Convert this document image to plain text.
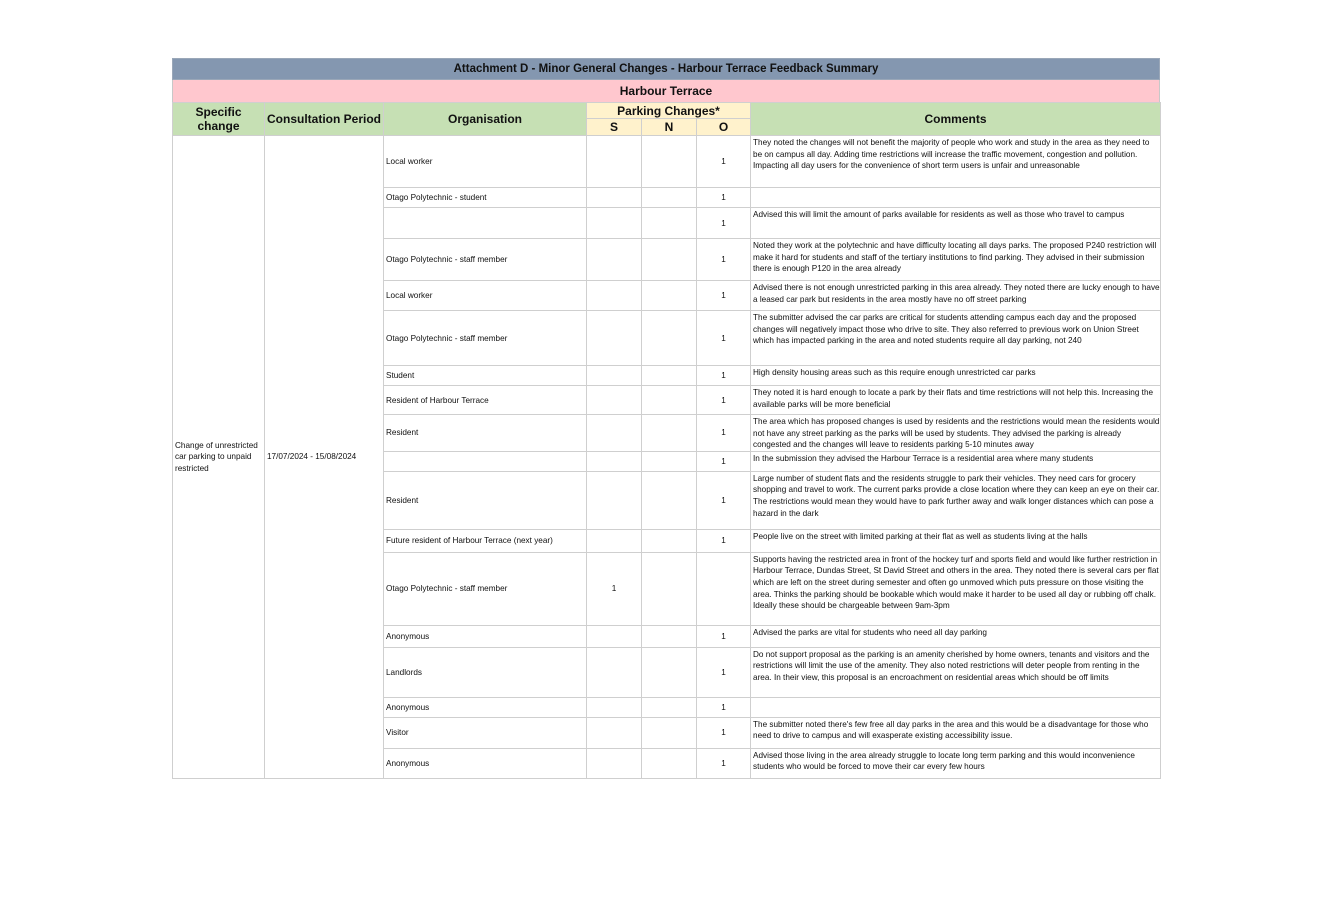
Attachment D - Minor General Changes - Harbour Terrace Feedback Summary
Harbour Terrace
Specific change	Consultation Period	Organisation	Parking Changes*			Comments
			S	N	O	
Change of unrestricted car parking to unpaid restricted	17/07/2024 - 15/08/2024	Local worker			1	They noted the changes will not benefit the majority of people who work and study in the area as they need to be on campus all day. Adding time restrictions will increase the traffic movement, congestion and pollution. Impacting all day users for the convenience of short term users is unfair and unreasonable
		Otago Polytechnic - student			1	
					1	Advised this will limit the amount of parks available for residents as well as those who travel to campus
		Otago Polytechnic - staff member			1	Noted they work at the polytechnic and have difficulty locating all days parks. The proposed P240 restriction will make it hard for students and staff of the tertiary institutions to find parking. They advised in their submission there is enough P120 in the area already
		Local worker			1	Advised there is not enough unrestricted parking in this area already. They noted there are lucky enough to have a leased car park but residents in the area mostly have no off street parking
		Otago Polytechnic - staff member			1	The submitter advised the car parks are critical for students attending campus each day and the proposed changes will negatively impact those who drive to site. They also referred to previous work on Union Street which has impacted parking in the area and noted students require all day parking, not 240
		Student			1	High density housing areas such as this require enough unrestricted car parks
		Resident of Harbour Terrace			1	They noted it is hard enough to locate a park by their flats and time restrictions will not help this. Increasing the available parks will be more beneficial
		Resident			1	The area which has proposed changes is used by residents and the restrictions would mean the residents would not have any street parking as the parks will be used by students. They advised the parking is already congested and the changes will leave to residents parking 5-10 minutes away
					1	In the submission they advised the Harbour Terrace is a residential area where many students
		Resident			1	Large number of student flats and the residents struggle to park their vehicles. They need cars for grocery shopping and travel to work. The current parks provide a close location where they can keep an eye on their car. The restrictions would mean they would have to park further away and walk longer distances which can pose a hazard in the dark
		Future resident of Harbour Terrace (next year)			1	People live on the street with limited parking at their flat as well as students living at the halls
		Otago Polytechnic - staff member	1			Supports having the restricted area in front of the hockey turf and sports field and would like further restriction in Harbour Terrace, Dundas Street, St David Street and others in the area. They noted there is several cars per flat which are left on the street during semester and often go unmoved which puts pressure on those visiting the area. Thinks the parking should be bookable which would make it harder to be used all day or rubbing off chalk. Ideally these should be chargeable between 9am-3pm
		Anonymous			1	Advised the parks are vital for students who need all day parking
		Landlords			1	Do not support proposal as the parking is an amenity cherished by home owners, tenants and visitors and the restrictions will limit the use of the amenity. They also noted restrictions will deter people from renting in the area. In their view, this proposal is an encroachment on residential areas which should be off limits
		Anonymous			1	
		Visitor			1	The submitter noted there's few free all day parks in the area and this would be a disadvantage for those who need to drive to campus and will exasperate existing accessibility issue.
		Anonymous			1	Advised those living in the area already struggle to locate long term parking and this would inconvenience students who would be forced to move their car every few hours
